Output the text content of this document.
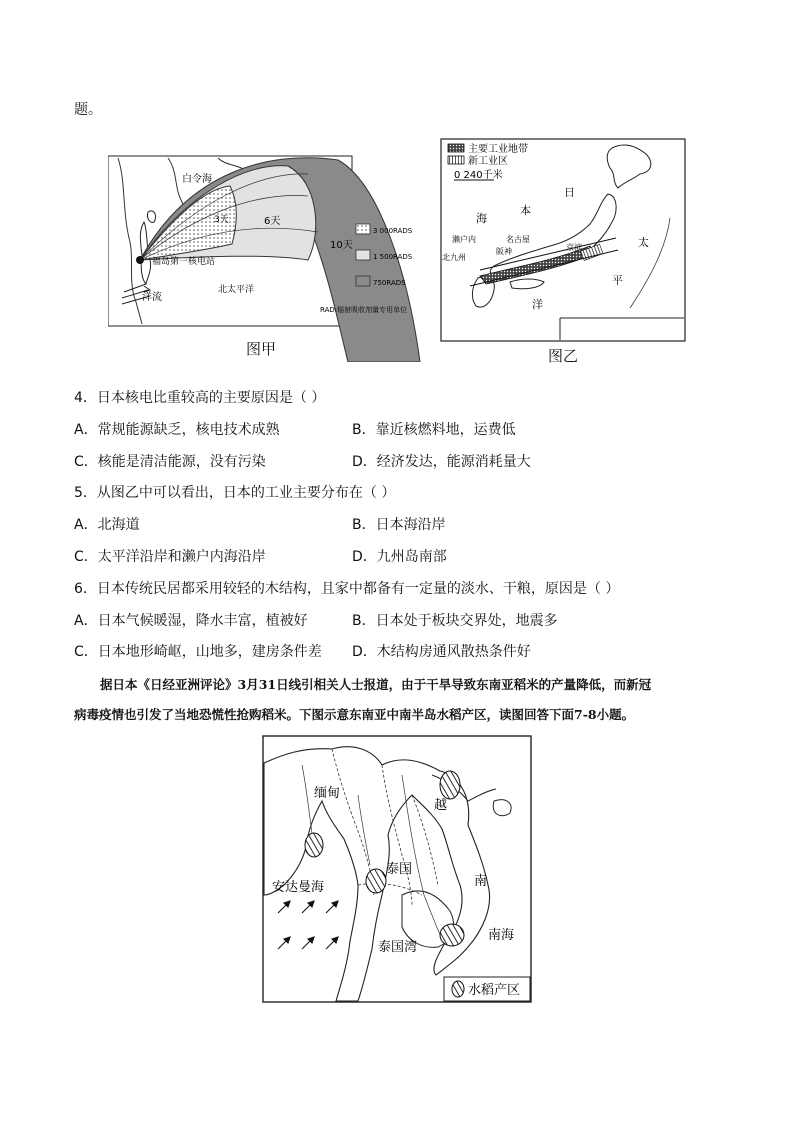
题。
白令海
3天	6天
10天
福岛第一核电站
洋流
北太平洋
3 000RADS
1 500RADS
750RADS
RAD:辐射吸收剂量专用单位
图甲
主要工业地带
新工业区
0 240千米
日
本
海
濑户内	名古屋
阪神	京滨
北九州
太
平
洋
图乙
4．日本核电比重较高的主要原因是（ ）
A．常规能源缺乏，核电技术成熟	B．靠近核燃料地，运费低
C．核能是清洁能源，没有污染	D．经济发达，能源消耗量大
5．从图乙中可以看出，日本的工业主要分布在（ ）
A．北海道	B．日本海沿岸
C．太平洋沿岸和濑户内海沿岸	D．九州岛南部
6．日本传统民居都采用较轻的木结构，且家中都备有一定量的淡水、干粮，原因是（ ）
A．日本气候暖湿，降水丰富，植被好	B．日本处于板块交界处，地震多
C．日本地形崎岖，山地多，建房条件差 D．木结构房通风散热条件好
据日本《日经亚洲评论》3月31日线引相关人士报道，由于干旱导致东南亚稻米的产量降低，而新冠
病毒疫情也引发了当地恐慌性抢购稻米。下图示意东南亚中南半岛水稻产区，读图回答下面7-8小题。
缅甸
越
泰国
安达曼海	南
泰国湾
南海
水稻产区
